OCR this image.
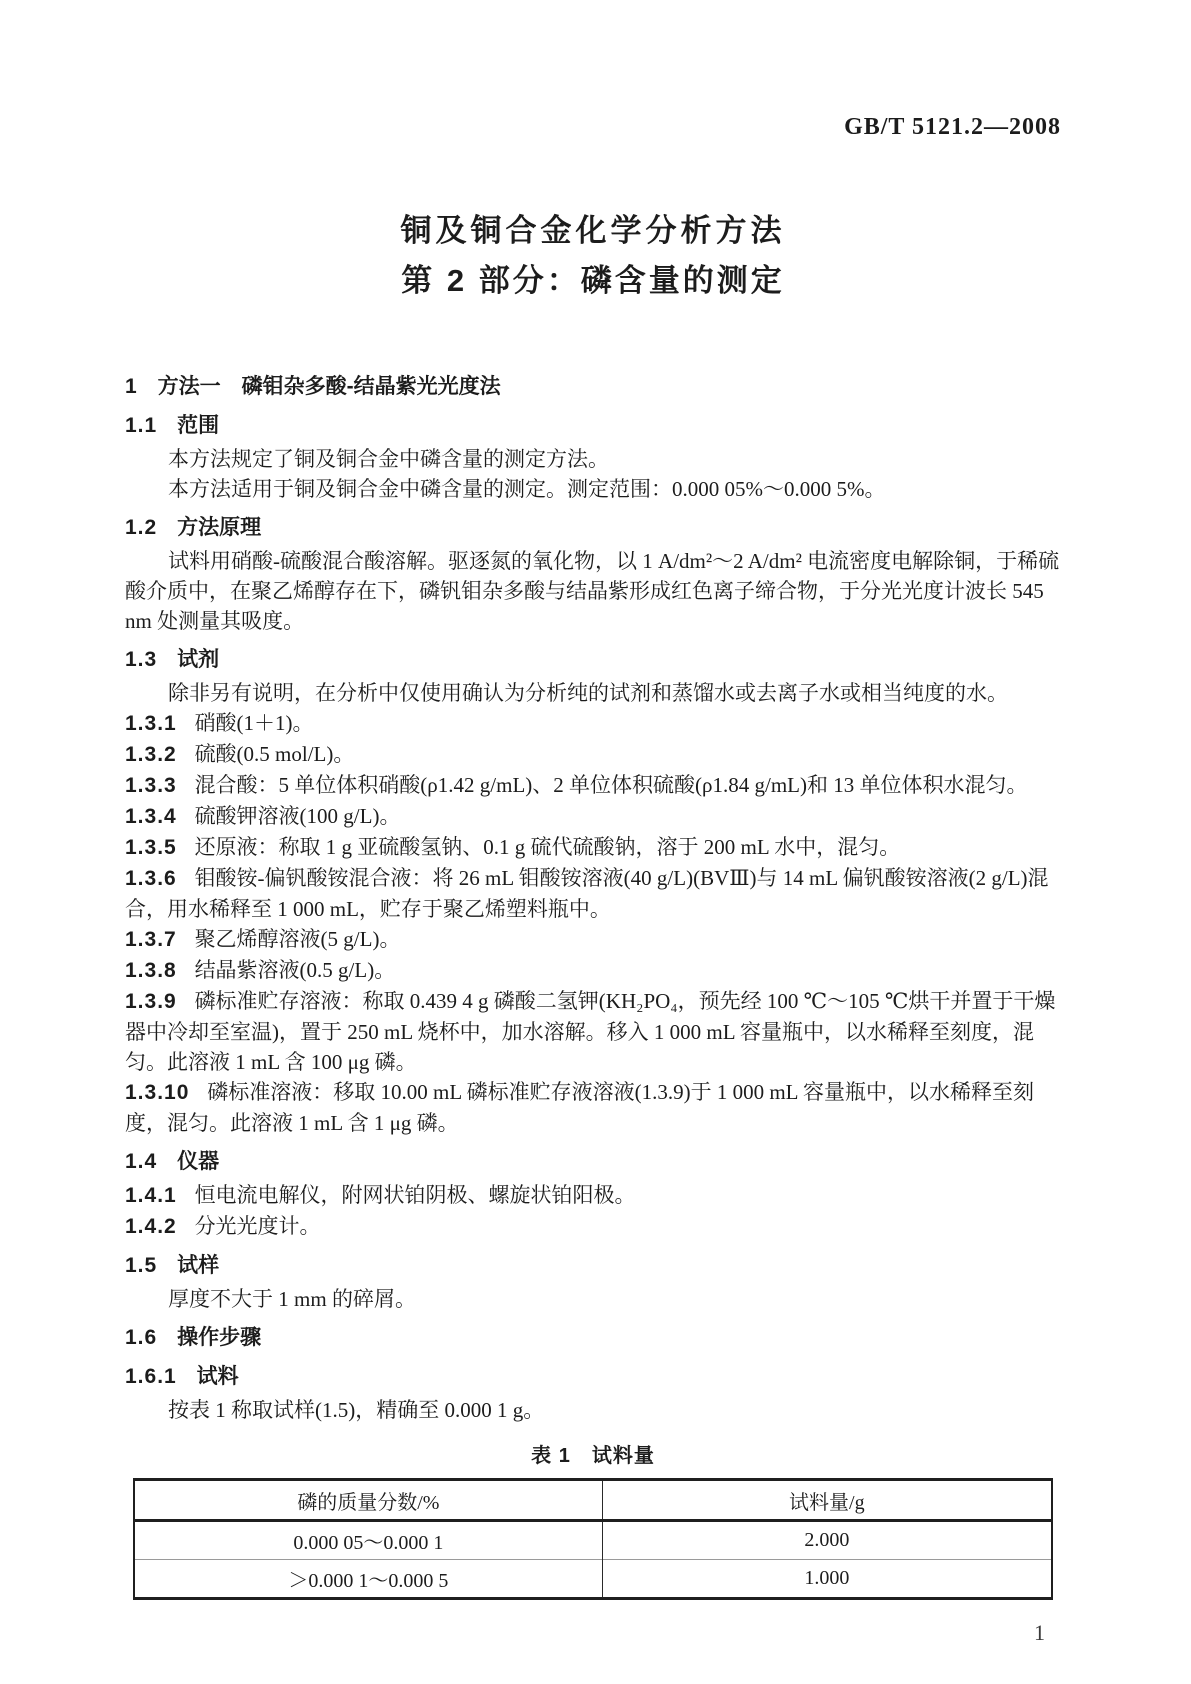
GB/T 5121.2—2008
铜及铜合金化学分析方法
第 2 部分：磷含量的测定
1 方法一　磷钼杂多酸-结晶紫光光度法
1.1 范围

本方法规定了铜及铜合金中磷含量的测定方法。

本方法适用于铜及铜合金中磷含量的测定。测定范围：0.000 05%～0.000 5%。

1.2 方法原理

试料用硝酸-硫酸混合酸溶解。驱逐氮的氧化物，以 1 A/dm²～2 A/dm² 电流密度电解除铜，于稀硫酸介质中，在聚乙烯醇存在下，磷钒钼杂多酸与结晶紫形成红色离子缔合物，于分光光度计波长 545 nm 处测量其吸度。

1.3 试剂

除非另有说明，在分析中仅使用确认为分析纯的试剂和蒸馏水或去离子水或相当纯度的水。

1.3.1 硝酸(1＋1)。
1.3.2 硫酸(0.5 mol/L)。
1.3.3 混合酸：5 单位体积硝酸(ρ1.42 g/mL)、2 单位体积硫酸(ρ1.84 g/mL)和 13 单位体积水混匀。
1.3.4 硫酸钾溶液(100 g/L)。
1.3.5 还原液：称取 1 g 亚硫酸氢钠、0.1 g 硫代硫酸钠，溶于 200 mL 水中，混匀。
1.3.6 钼酸铵-偏钒酸铵混合液：将 26 mL 钼酸铵溶液(40 g/L)(BVⅢ)与 14 mL 偏钒酸铵溶液(2 g/L)混合，用水稀释至 1 000 mL，贮存于聚乙烯塑料瓶中。
1.3.7 聚乙烯醇溶液(5 g/L)。
1.3.8 结晶紫溶液(0.5 g/L)。
1.3.9 磷标准贮存溶液：称取 0.439 4 g 磷酸二氢钾(KH₂PO₄，预先经 100 ℃～105 ℃烘干并置于干燥器中冷却至室温)，置于 250 mL 烧杯中，加水溶解。移入 1 000 mL 容量瓶中，以水稀释至刻度，混匀。此溶液 1 mL 含 100 μg 磷。
1.3.10 磷标准溶液：移取 10.00 mL 磷标准贮存液溶液(1.3.9)于 1 000 mL 容量瓶中，以水稀释至刻度，混匀。此溶液 1 mL 含 1 μg 磷。
1.4 仪器
1.4.1 恒电流电解仪，附网状铂阴极、螺旋状铂阳极。
1.4.2 分光光度计。
1.5 试样

厚度不大于 1 mm 的碎屑。

1.6 操作步骤
1.6.1 试料

按表 1 称取试样(1.5)，精确至 0.000 1 g。

表 1　试料量
磷的质量分数/%	试料量/g
0.000 05～0.000 1	2.000
＞0.000 1～0.000 5	1.000
1
